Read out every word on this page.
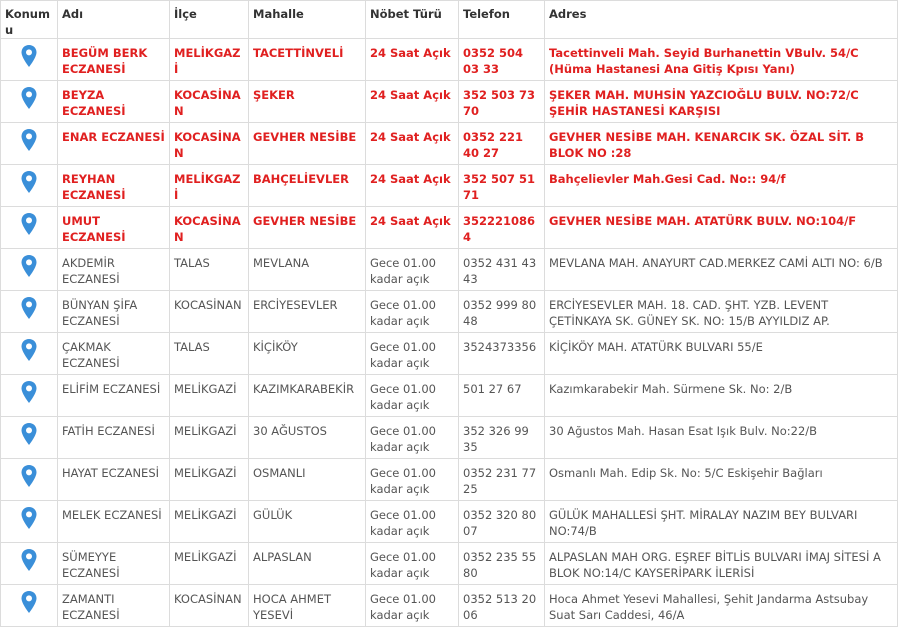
Konumu	Adı	İlçe	Mahalle	Nöbet Türü	Telefon	Adres
	BEGÜM BERK ECZANESİ	MELİKGAZİ	TACETTİNVELİ	24 Saat Açık	0352 504 03 33	Tacettinveli Mah. Seyid Burhanettin VBulv. 54/C (Hüma Hastanesi Ana Gitiş Kpısı Yanı)
	BEYZA ECZANESİ	KOCASİNAN	ŞEKER	24 Saat Açık	352 503 73 70	ŞEKER MAH. MUHSİN YAZCIOĞLU BULV. NO:72/C ŞEHİR HASTANESİ KARŞISI
	ENAR ECZANESİ	KOCASİNAN	GEVHER NESİBE	24 Saat Açık	0352 221 40 27	GEVHER NESİBE MAH. KENARCIK SK. ÖZAL SİT. B BLOK NO :28
	REYHAN ECZANESİ	MELİKGAZİ	BAHÇELİEVLER	24 Saat Açık	352 507 51 71	Bahçelievler Mah.Gesi Cad. No:: 94/f
	UMUT ECZANESİ	KOCASİNAN	GEVHER NESİBE	24 Saat Açık	3522210864	GEVHER NESİBE MAH. ATATÜRK BULV. NO:104/F
	AKDEMİR ECZANESİ	TALAS	MEVLANA	Gece 01.00 kadar açık	0352 431 43 43	MEVLANA MAH. ANAYURT CAD.MERKEZ CAMİ ALTI NO: 6/B
	BÜNYAN ŞİFA ECZANESİ	KOCASİNAN	ERCİYESEVLER	Gece 01.00 kadar açık	0352 999 80 48	ERCİYESEVLER MAH. 18. CAD. ŞHT. YZB. LEVENT ÇETİNKAYA SK. GÜNEY SK. NO: 15/B AYYILDIZ AP.
	ÇAKMAK ECZANESİ	TALAS	KİÇİKÖY	Gece 01.00 kadar açık	3524373356	KİÇİKÖY MAH. ATATÜRK BULVARI 55/E
	ELİFİM ECZANESİ	MELİKGAZİ	KAZIMKARABEKİR	Gece 01.00 kadar açık	501 27 67	Kazımkarabekir Mah. Sürmene Sk. No: 2/B
	FATİH ECZANESİ	MELİKGAZİ	30 AĞUSTOS	Gece 01.00 kadar açık	352 326 99 35	30 Ağustos Mah. Hasan Esat Işık Bulv. No:22/B
	HAYAT ECZANESİ	MELİKGAZİ	OSMANLI	Gece 01.00 kadar açık	0352 231 77 25	Osmanlı Mah. Edip Sk. No: 5/C Eskişehir Bağları
	MELEK ECZANESİ	MELİKGAZİ	GÜLÜK	Gece 01.00 kadar açık	0352 320 80 07	GÜLÜK MAHALLESİ ŞHT. MİRALAY NAZIM BEY BULVARI NO:74/B
	SÜMEYYE ECZANESİ	MELİKGAZİ	ALPASLAN	Gece 01.00 kadar açık	0352 235 55 80	ALPASLAN MAH ORG. EŞREF BİTLİS BULVARI İMAJ SİTESİ A BLOK NO:14/C KAYSERİPARK İLERİSİ
	ZAMANTI ECZANESİ	KOCASİNAN	HOCA AHMET YESEVİ	Gece 01.00 kadar açık	0352 513 20 06	Hoca Ahmet Yesevi Mahallesi, Şehit Jandarma Astsubay Suat Sarı Caddesi, 46/A
